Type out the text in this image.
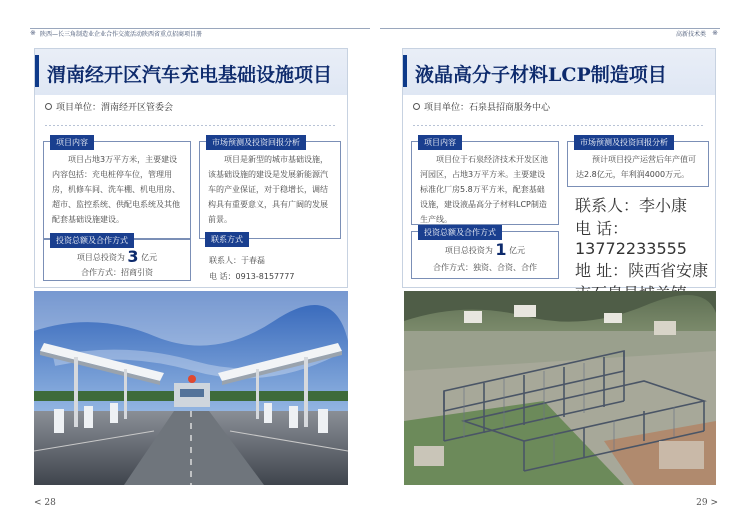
※ 陕西—长三角制造业企业合作交流活动陕西省重点招商项目册	高新技术类 ※
渭南经开区汽车充电基础设施项目
项目单位：渭南经开区管委会
项目内容
项目占地3万平方米，主要建设内容包括：充电桩停车位，管理用房，机修车间、洗车棚、机电用房、超市、监控系统、供配电系统及其他配套基础设施建设。
市场预测及投资回报分析
项目是新型的城市基础设施，该基础设施的建设是发展新能源汽车的产业保证，对于稳增长，调结构具有重要意义，具有广阔的发展前景。
投资总额及合作方式
项目总投资为 3 亿元
合作方式：招商引资
联系方式
联系人：于春磊
电 话：0913-8157777
液晶高分子材料LCP制造项目
项目单位：石泉县招商服务中心
项目内容
项目位于石泉经济技术开发区池河园区，占地3万平方米。主要建设标准化厂房5.8万平方米，配套基础设施，建设液晶高分子材料LCP制造生产线。
市场预测及投资回报分析
预计项目投产运营后年产值可达2.8亿元，年利润4000万元。
投资总额及合作方式
项目总投资为 1 亿元
合作方式：独资、合资、合作
联系人：李小康
电 话：13772233555
地 址：陕西省安康
< 28	29 >
